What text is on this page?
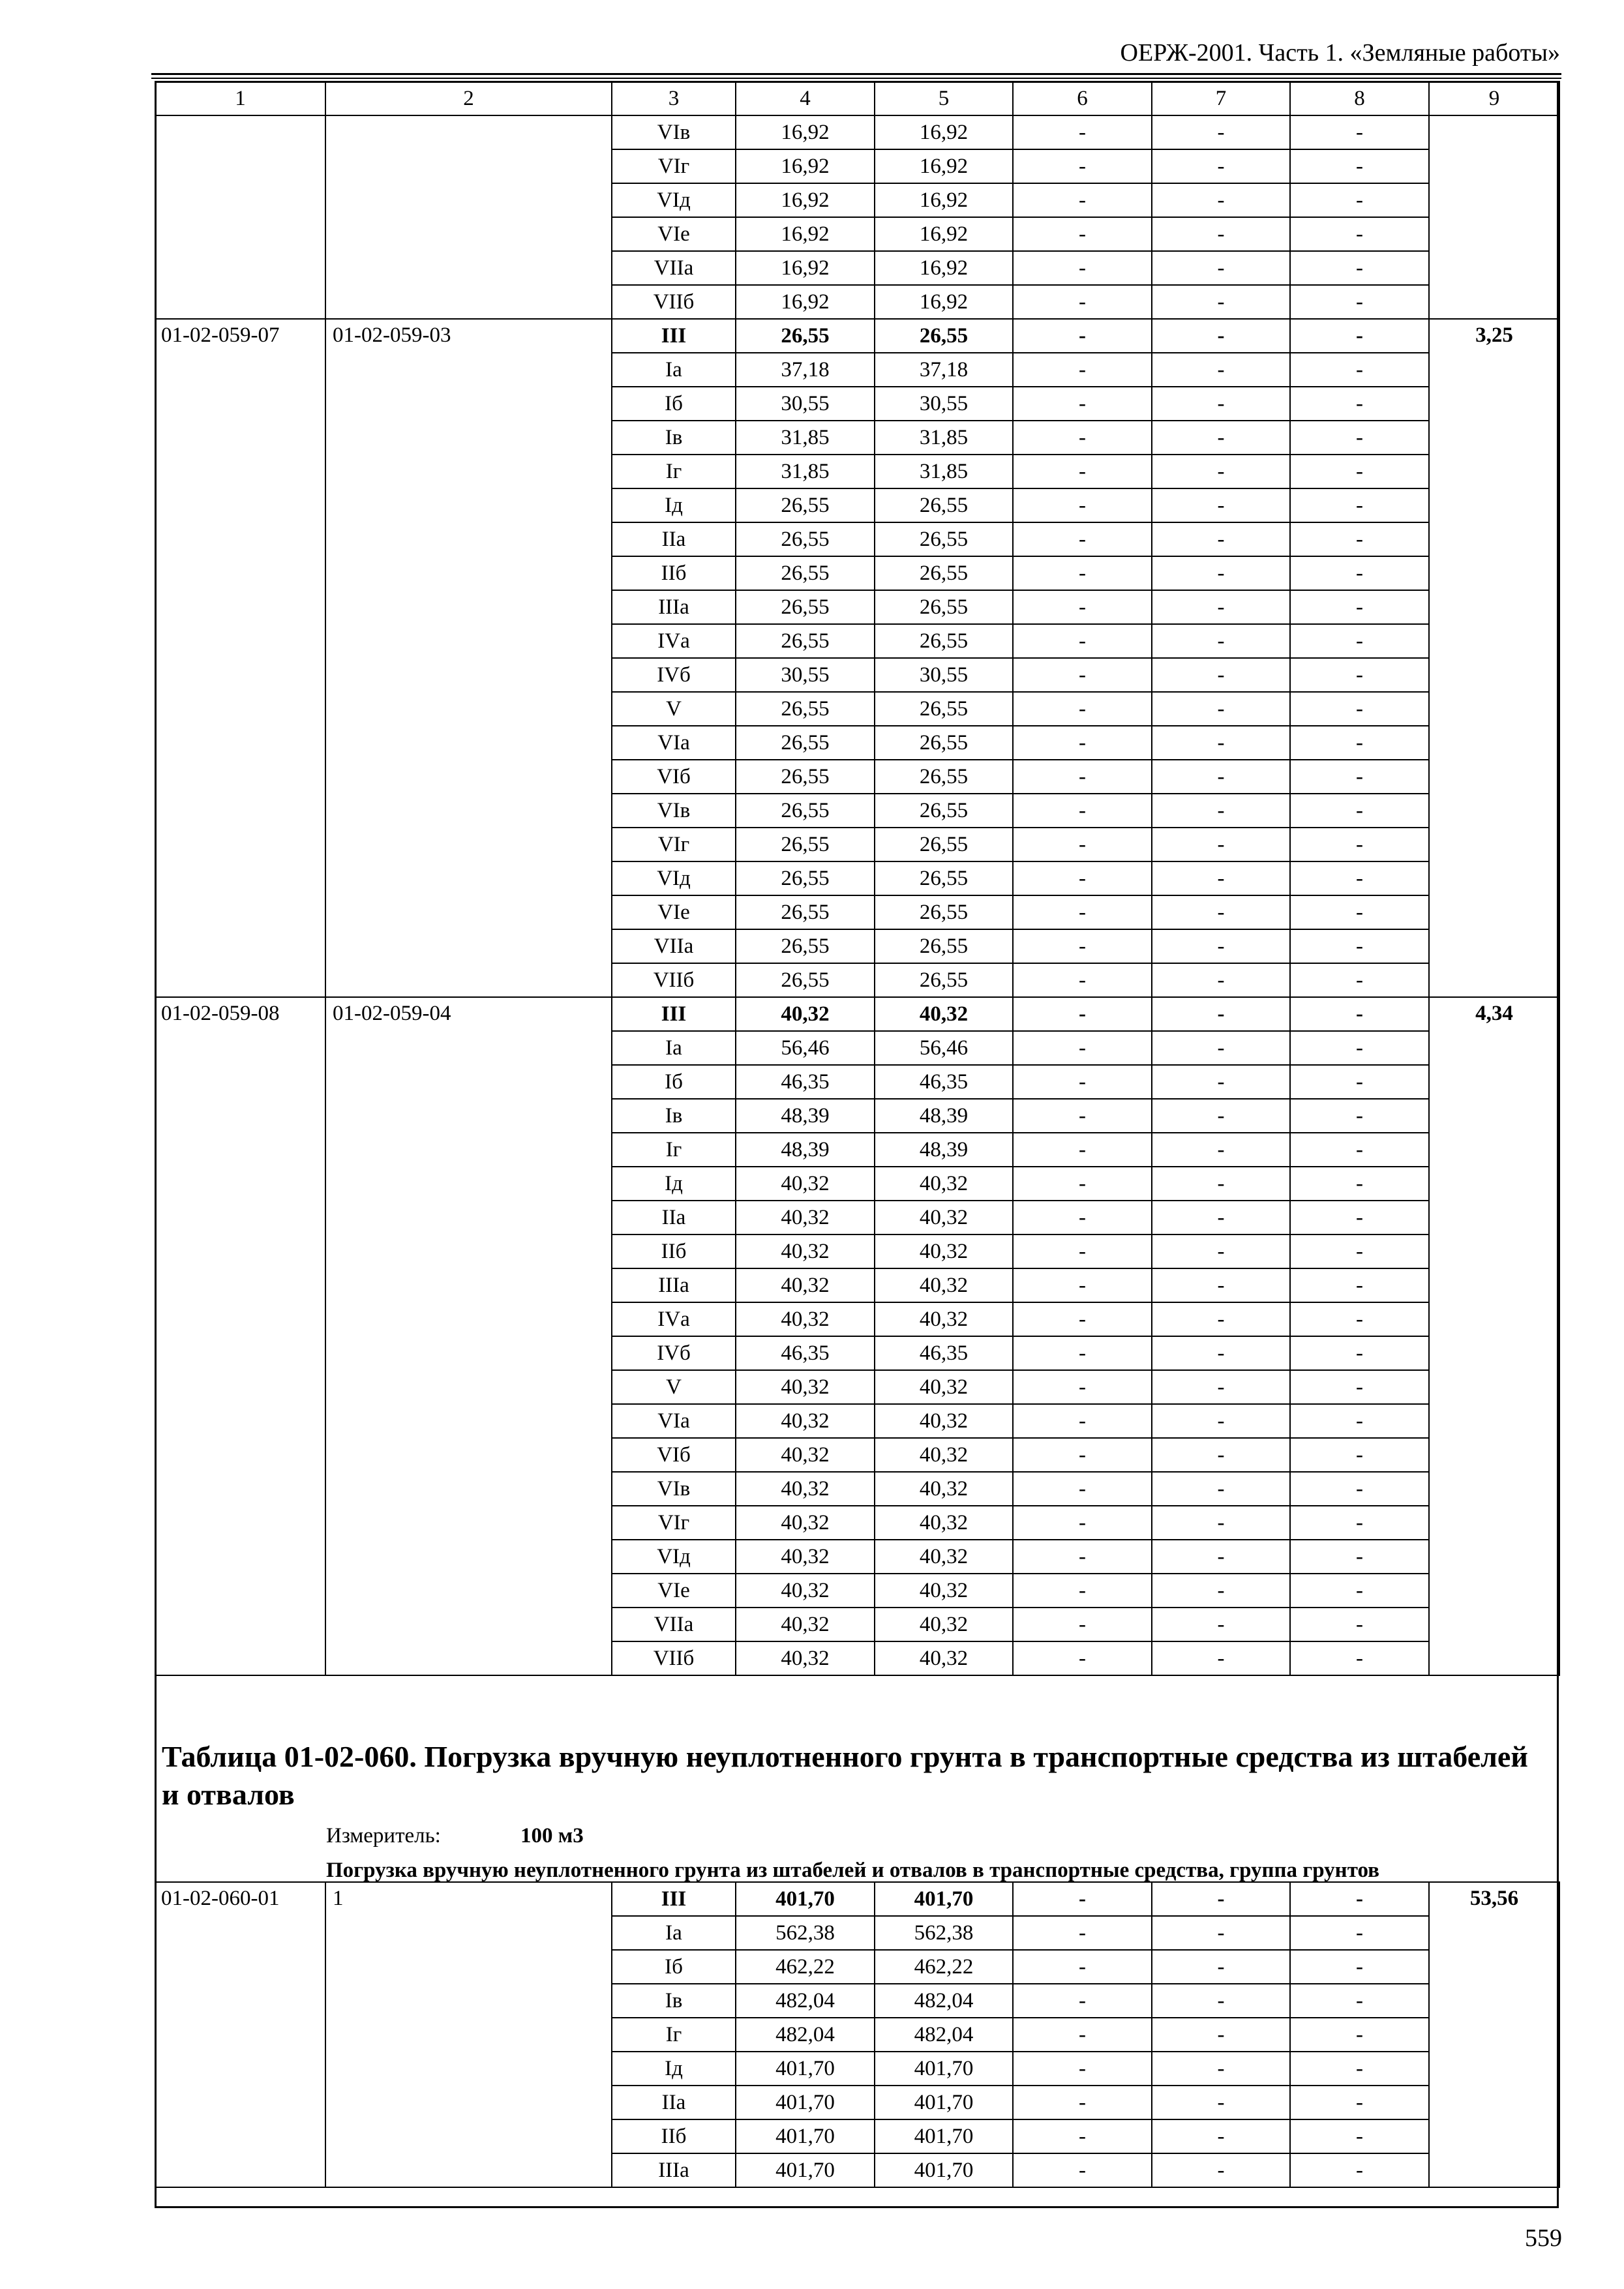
ОЕРЖ-2001. Часть 1. «Земляные работы»
1	2	3	4	5	6	7	8	9
		VIв	16,92	16,92	-	-	-	
		VIг	16,92	16,92	-	-	-	
		VIд	16,92	16,92	-	-	-	
		VIе	16,92	16,92	-	-	-	
		VIIа	16,92	16,92	-	-	-	
		VIIб	16,92	16,92	-	-	-	
01-02-059-07	01-02-059-03	III	26,55	26,55	-	-	-	3,25
		Iа	37,18	37,18	-	-	-	
		Iб	30,55	30,55	-	-	-	
		Iв	31,85	31,85	-	-	-	
		Iг	31,85	31,85	-	-	-	
		Iд	26,55	26,55	-	-	-	
		IIа	26,55	26,55	-	-	-	
		IIб	26,55	26,55	-	-	-	
		IIIа	26,55	26,55	-	-	-	
		IVа	26,55	26,55	-	-	-	
		IVб	30,55	30,55	-	-	-	
		V	26,55	26,55	-	-	-	
		VIа	26,55	26,55	-	-	-	
		VIб	26,55	26,55	-	-	-	
		VIв	26,55	26,55	-	-	-	
		VIг	26,55	26,55	-	-	-	
		VIд	26,55	26,55	-	-	-	
		VIе	26,55	26,55	-	-	-	
		VIIа	26,55	26,55	-	-	-	
		VIIб	26,55	26,55	-	-	-	
01-02-059-08	01-02-059-04	III	40,32	40,32	-	-	-	4,34
		Iа	56,46	56,46	-	-	-	
		Iб	46,35	46,35	-	-	-	
		Iв	48,39	48,39	-	-	-	
		Iг	48,39	48,39	-	-	-	
		Iд	40,32	40,32	-	-	-	
		IIа	40,32	40,32	-	-	-	
		IIб	40,32	40,32	-	-	-	
		IIIа	40,32	40,32	-	-	-	
		IVа	40,32	40,32	-	-	-	
		IVб	46,35	46,35	-	-	-	
		V	40,32	40,32	-	-	-	
		VIа	40,32	40,32	-	-	-	
		VIб	40,32	40,32	-	-	-	
		VIв	40,32	40,32	-	-	-	
		VIг	40,32	40,32	-	-	-	
		VIд	40,32	40,32	-	-	-	
		VIе	40,32	40,32	-	-	-	
		VIIа	40,32	40,32	-	-	-	
		VIIб	40,32	40,32	-	-	-	
Таблица 01-02-060. Погрузка вручную неуплотненного грунта в транспортные средства из штабелей и отвалов
Измеритель:	100 м3
Погрузка вручную неуплотненного грунта из штабелей и отвалов в транспортные средства, группа грунтов
01-02-060-01	1	III	401,70	401,70	-	-	-	53,56
		Iа	562,38	562,38	-	-	-	
		Iб	462,22	462,22	-	-	-	
		Iв	482,04	482,04	-	-	-	
		Iг	482,04	482,04	-	-	-	
		Iд	401,70	401,70	-	-	-	
		IIа	401,70	401,70	-	-	-	
		IIб	401,70	401,70	-	-	-	
		IIIа	401,70	401,70	-	-	-	
559
